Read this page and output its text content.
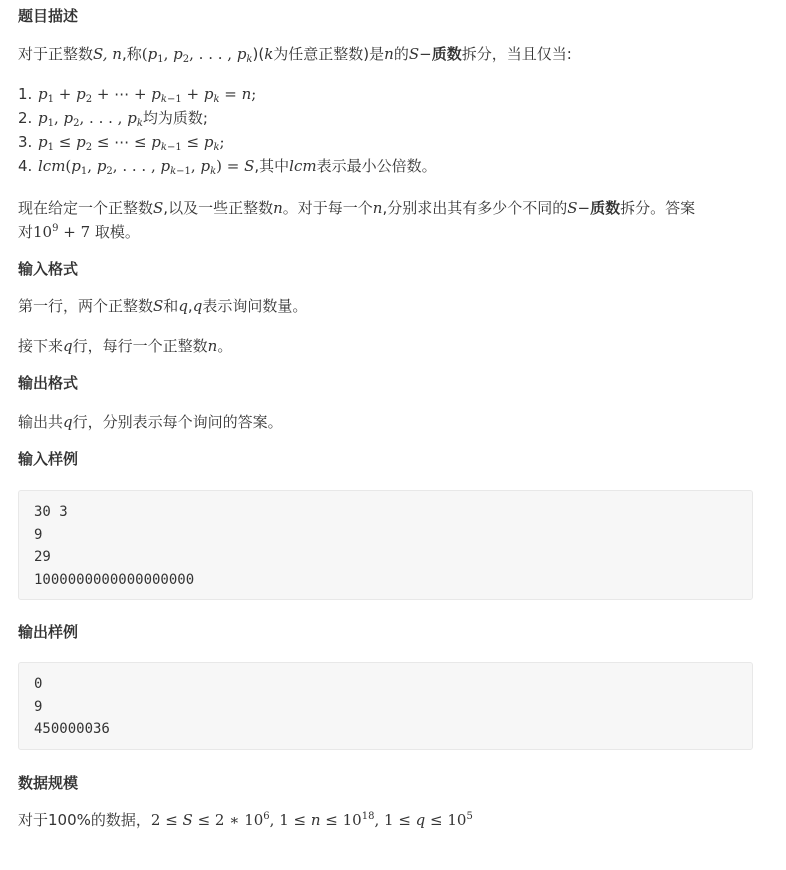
题目描述
对于正整数S, n,称($p_1$, $p_2$, . . . , $p_k)(k$为任意正整数)是n的S−质数拆分，当且仅当:
1. $p_1 + p_2$ + ⋯ + $p_{k-1} + p_k = n$;
2. $p_1$, $p_2$, . . . , $p_k$均为质数;
3. $p_1 \le p_2$ ≤ ⋯ ≤ $p_{k-1} \le p_k$;
4. $lcm(p_1$, $p_2$, . . . , $p_{k-1}$, $p_k) = S$,其中lcm表示最小公倍数。
现在给定一个正整数S,以及一些正整数n。对于每一个n,分别求出其有多少个不同的S−质数拆分。答案
对$10^9 + 7$ 取模。
输入格式
第一行，两个正整数S和q,q表示询问数量。
接下来q行，每行一个正整数n。
输出格式
输出共q行，分别表示每个询问的答案。
输入样例
30 3
9
29
1000000000000000000
输出样例
0
9
450000036
数据规模
对于100%的数据，2 ≤ S ≤ 2 ∗ $10^6$, $1 \le n \le 10^{18}$, $1 \le q \le 10^5$
